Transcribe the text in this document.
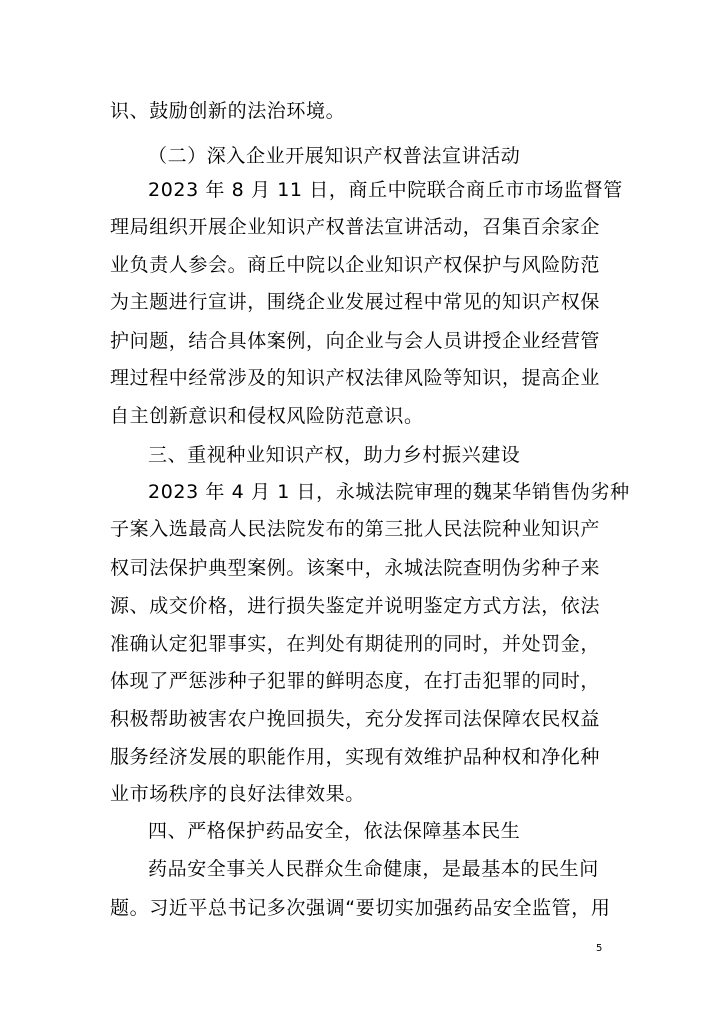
识、鼓励创新的法治环境。
（二）深入企业开展知识产权普法宣讲活动
2023 年 8 月 11 日，商丘中院联合商丘市市场监督管
理局组织开展企业知识产权普法宣讲活动，召集百余家企
业负责人参会。商丘中院以企业知识产权保护与风险防范
为主题进行宣讲，围绕企业发展过程中常见的知识产权保
护问题，结合具体案例，向企业与会人员讲授企业经营管
理过程中经常涉及的知识产权法律风险等知识，提高企业
自主创新意识和侵权风险防范意识。
三、重视种业知识产权，助力乡村振兴建设
2023 年 4 月 1 日，永城法院审理的魏某华销售伪劣种
子案入选最高人民法院发布的第三批人民法院种业知识产
权司法保护典型案例。该案中，永城法院查明伪劣种子来
源、成交价格，进行损失鉴定并说明鉴定方式方法，依法
准确认定犯罪事实，在判处有期徒刑的同时，并处罚金，
体现了严惩涉种子犯罪的鲜明态度，在打击犯罪的同时，
积极帮助被害农户挽回损失，充分发挥司法保障农民权益
服务经济发展的职能作用，实现有效维护品种权和净化种
业市场秩序的良好法律效果。
四、严格保护药品安全，依法保障基本民生
药品安全事关人民群众生命健康，是最基本的民生问
题。习近平总书记多次强调“要切实加强药品安全监管，用
5
